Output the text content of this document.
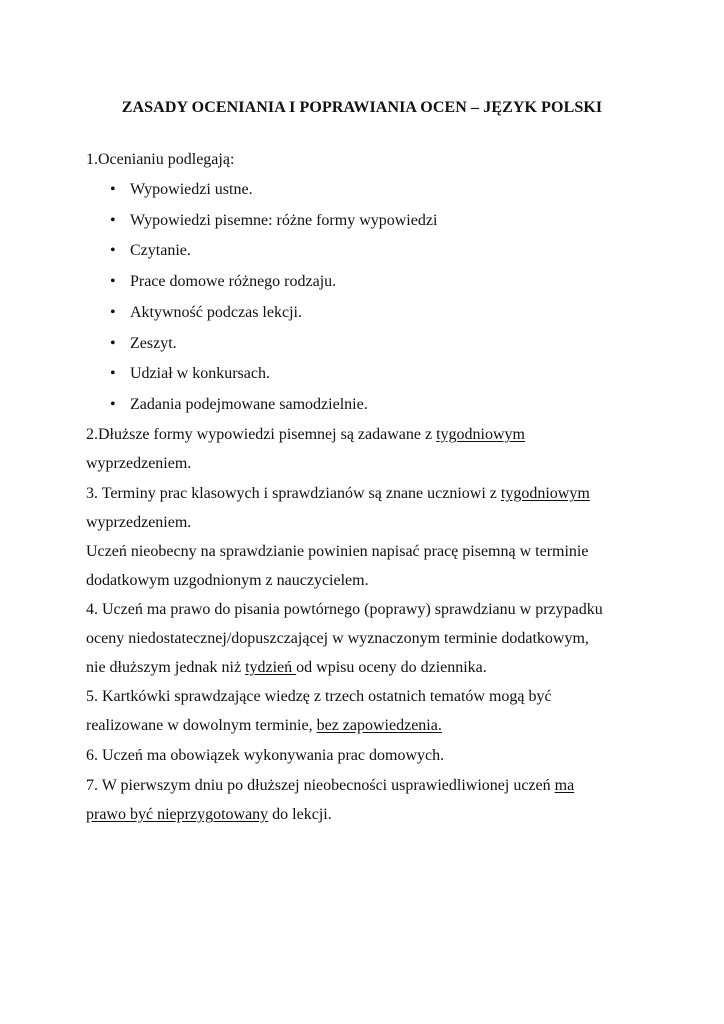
ZASADY OCENIANIA I POPRAWIANIA OCEN – JĘZYK POLSKI

1.Ocenianiu podlegają:

• Wypowiedzi ustne.

• Wypowiedzi pisemne: różne formy wypowiedzi

• Czytanie.

• Prace domowe różnego rodzaju.

• Aktywność podczas lekcji.

• Zeszyt.

• Udział w konkursach.

• Zadania podejmowane samodzielnie.

2.Dłuższe formy wypowiedzi pisemnej są zadawane z tygodniowym

wyprzedzeniem.

3. Terminy prac klasowych i sprawdzianów są znane uczniowi z tygodniowym

wyprzedzeniem.

Uczeń nieobecny na sprawdzianie powinien napisać pracę pisemną w terminie

dodatkowym uzgodnionym z nauczycielem.

4. Uczeń ma prawo do pisania powtórnego (poprawy) sprawdzianu w przypadku

oceny niedostatecznej/dopuszczającej w wyznaczonym terminie dodatkowym,

nie dłuższym jednak niż tydzień od wpisu oceny do dziennika.

5. Kartkówki sprawdzające wiedzę z trzech ostatnich tematów mogą być

realizowane w dowolnym terminie, bez zapowiedzenia.

6. Uczeń ma obowiązek wykonywania prac domowych.

7. W pierwszym dniu po dłuższej nieobecności usprawiedliwionej uczeń ma

prawo być nieprzygotowany do lekcji.
